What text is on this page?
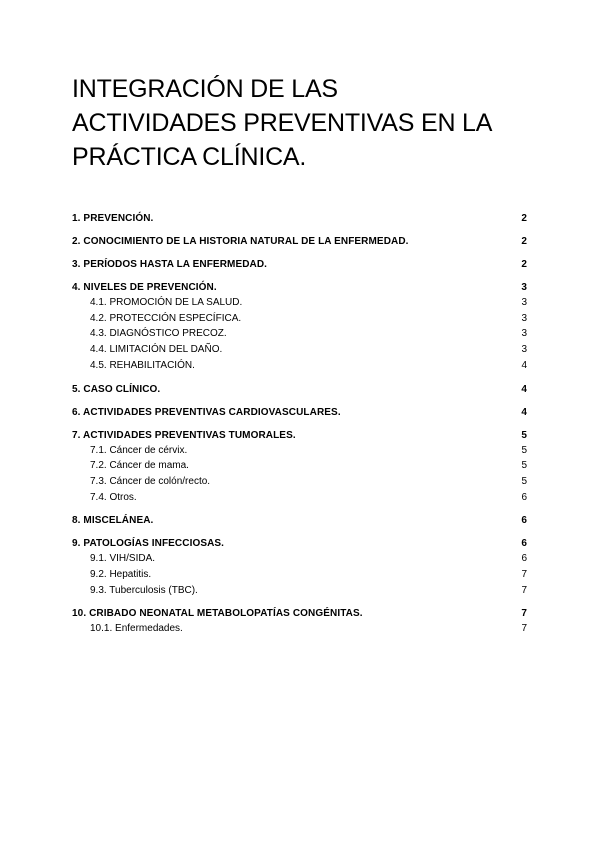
INTEGRACIÓN DE LAS
ACTIVIDADES PREVENTIVAS EN LA
PRÁCTICA CLÍNICA.
1. PREVENCIÓN.	2
2. CONOCIMIENTO DE LA HISTORIA NATURAL DE LA ENFERMEDAD.	2
3. PERÍODOS HASTA LA ENFERMEDAD.	2
4. NIVELES DE PREVENCIÓN.	3
4.1. PROMOCIÓN DE LA SALUD.	3
4.2. PROTECCIÓN ESPECÍFICA.	3
4.3. DIAGNÓSTICO PRECOZ.	3
4.4. LIMITACIÓN DEL DAÑO.	3
4.5. REHABILITACIÓN.	4
5. CASO CLÍNICO.	4
6. ACTIVIDADES PREVENTIVAS CARDIOVASCULARES.	4
7. ACTIVIDADES PREVENTIVAS TUMORALES.	5
7.1. Cáncer de cérvix.	5
7.2. Cáncer de mama.	5
7.3. Cáncer de colón/recto.	5
7.4. Otros.	6
8. MISCELÁNEA.	6
9. PATOLOGÍAS INFECCIOSAS.	6
9.1. VIH/SIDA.	6
9.2. Hepatitis.	7
9.3. Tuberculosis (TBC).	7
10. CRIBADO NEONATAL METABOLOPATÍAS CONGÉNITAS.	7
10.1. Enfermedades.	7
